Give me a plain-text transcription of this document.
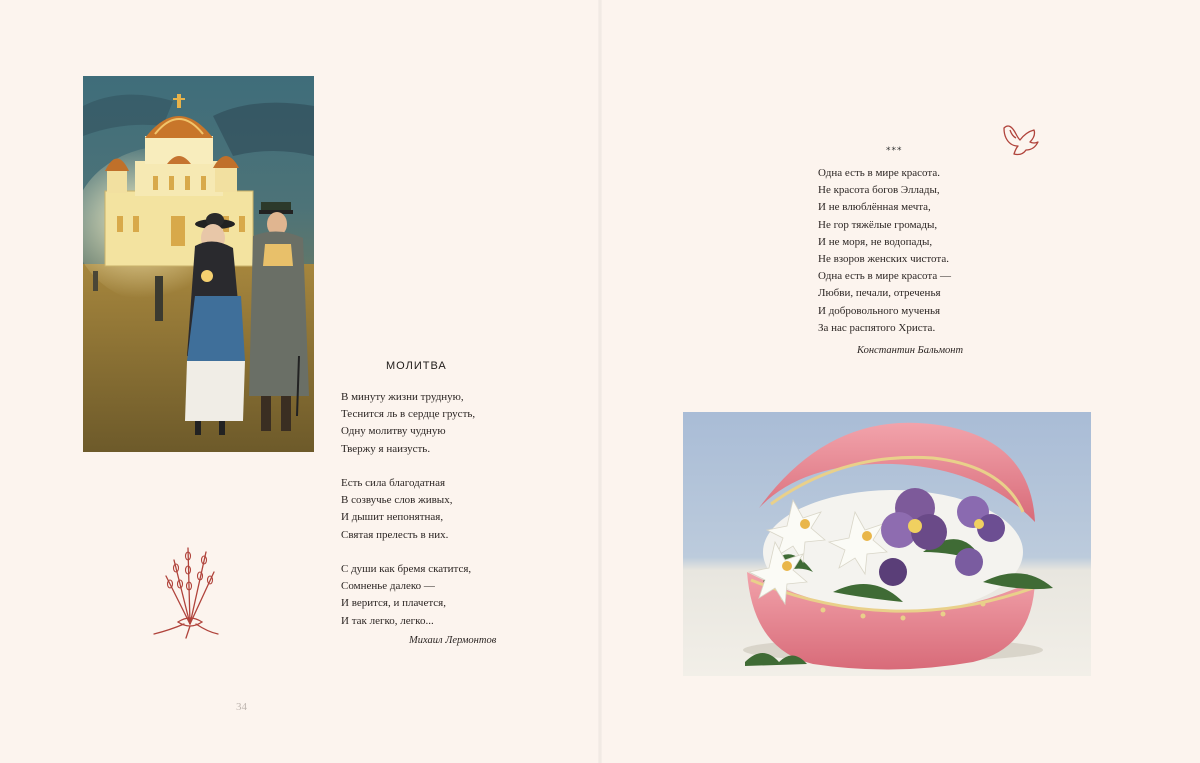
МОЛИТВА
В минуту жизни трудную,
Теснится ль в сердце грусть,
Одну молитву чудную
Твержу я наизусть.
Есть сила благодатная
В созвучье слов живых,
И дышит непонятная,
Святая прелесть в них.
С души как бремя скатится,
Сомненье далеко —
И верится, и плачется,
И так легко, легко...
Михаил Лермонтов
34
***
Одна есть в мире красота.
Не красота богов Эллады,
И не влюблённая мечта,
Не гор тяжёлые громады,
И не моря, не водопады,
Не взоров женских чистота.
Одна есть в мире красота —
Любви, печали, отреченья
И добровольного мученья
За нас распятого Христа.
Константин Бальмонт
